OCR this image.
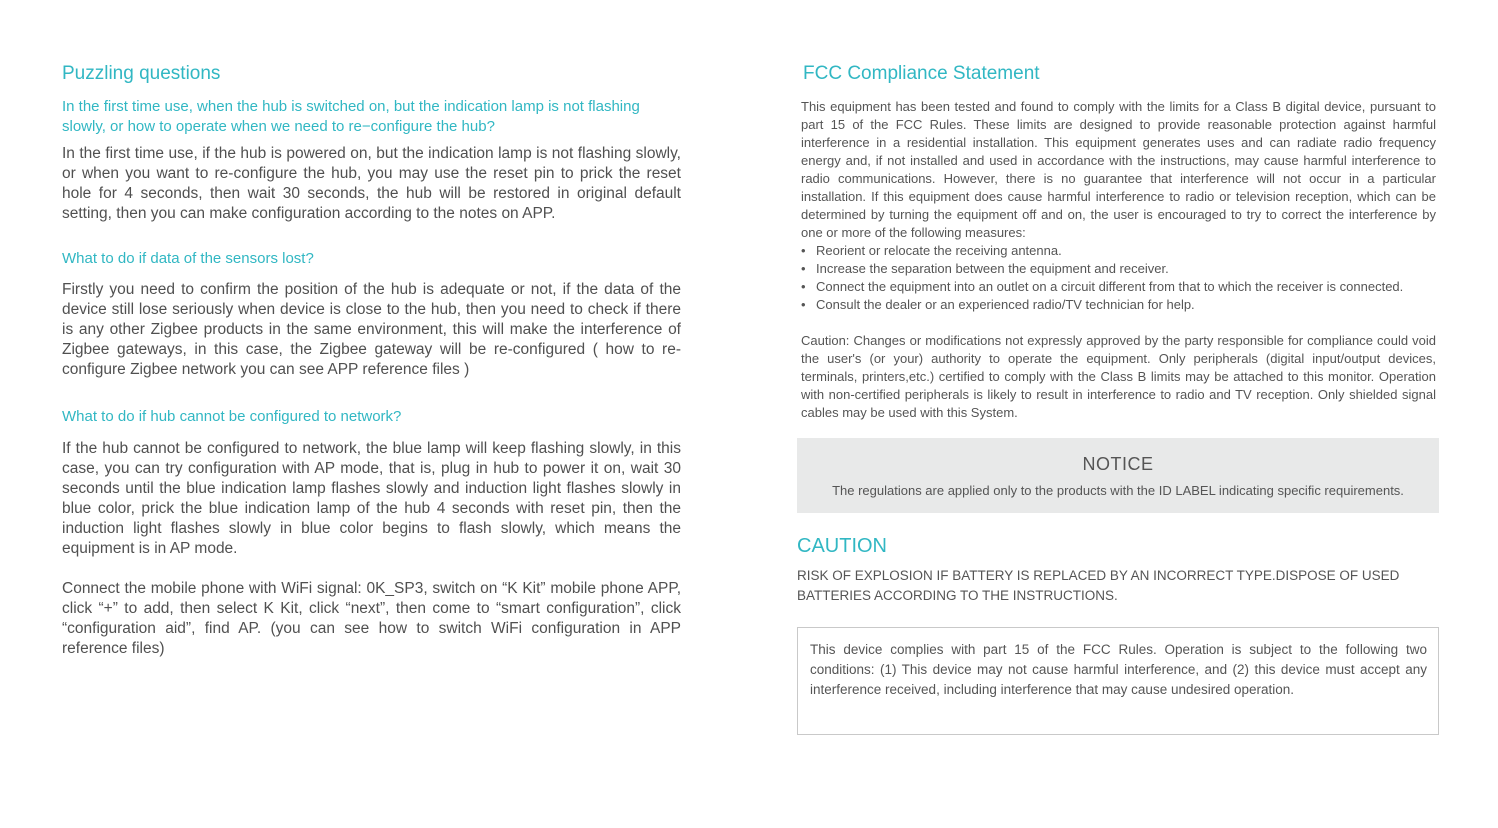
Puzzling questions

In the first time use, when the hub is switched on, but the indication lamp is not flashing slowly, or how to operate when we need to re−configure the hub?

In the first time use, if the hub is powered on, but the indication lamp is not flashing slowly, or when you want to re-configure the hub, you may use the reset pin to prick the reset hole for 4 seconds, then wait 30 seconds, the hub will be restored in original default setting, then you can make configuration according to the notes on APP.

What to do if data of the sensors lost?

Firstly you need to confirm the position of the hub is adequate or not, if the data of the device still lose seriously when device is close to the hub, then you need to check if there is any other Zigbee products in the same environment, this will make the interference of Zigbee gateways, in this case, the Zigbee gateway will be re-configured ( how to re-configure Zigbee network you can see APP reference files )

What to do if hub cannot be configured to network?

If the hub cannot be configured to network, the blue lamp will keep flashing slowly, in this case, you can try configuration with AP mode, that is, plug in hub to power it on, wait 30 seconds until the blue indication lamp flashes slowly and induction light flashes slowly in blue color, prick the blue indication lamp of the hub 4 seconds with reset pin, then the induction light flashes slowly in blue color begins to flash slowly, which means the equipment is in AP mode.

Connect the mobile phone with WiFi signal: 0K_SP3, switch on “K Kit” mobile phone APP, click “+” to add, then select K Kit, click “next”, then come to “smart configuration”, click “configuration aid”, find AP. (you can see how to switch WiFi configuration in APP reference files)

FCC Compliance Statement

This equipment has been tested and found to comply with the limits for a Class B digital device, pursuant to part 15 of the FCC Rules. These limits are designed to provide reasonable protection against harmful interference in a residential installation. This equipment generates uses and can radiate radio frequency energy and, if not installed and used in accordance with the instructions, may cause harmful interference to radio communications. However, there is no guarantee that interference will not occur in a particular installation. If this equipment does cause harmful interference to radio or television reception, which can be determined by turning the equipment off and on, the user is encouraged to try to correct the interference by one or more of the following measures:

• Reorient or relocate the receiving antenna.
• Increase the separation between the equipment and receiver.
• Connect the equipment into an outlet on a circuit different from that to which the receiver is connected.
• Consult the dealer or an experienced radio/TV technician for help.

Caution: Changes or modifications not expressly approved by the party responsible for compliance could void the user's (or your) authority to operate the equipment. Only peripherals (digital input/output devices, terminals, printers,etc.) certified to comply with the Class B limits may be attached to this monitor. Operation with non-certified peripherals is likely to result in interference to radio and TV reception. Only shielded signal cables may be used with this System.

NOTICE
The regulations are applied only to the products with the ID LABEL indicating specific requirements.
CAUTION
RISK OF EXPLOSION IF BATTERY IS REPLACED BY AN INCORRECT TYPE.DISPOSE OF USED BATTERIES ACCORDING TO THE INSTRUCTIONS.

This device complies with part 15 of the FCC Rules. Operation is subject to the following two conditions: (1) This device may not cause harmful interference, and (2) this device must accept any interference received, including interference that may cause undesired operation.
